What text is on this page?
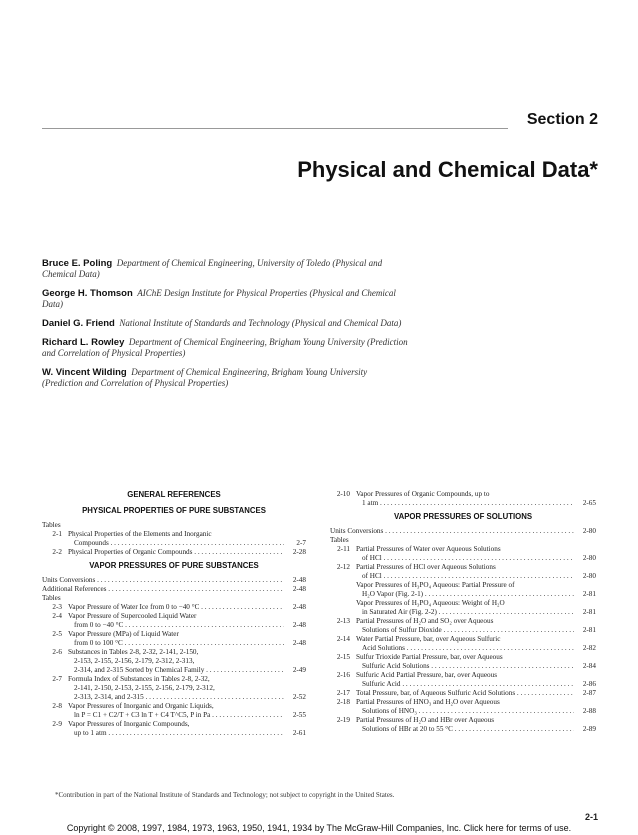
Section 2
Physical and Chemical Data*
Bruce E. Poling Department of Chemical Engineering, University of Toledo (Physical and Chemical Data)
George H. Thomson AIChE Design Institute for Physical Properties (Physical and Chemical Data)
Daniel G. Friend National Institute of Standards and Technology (Physical and Chemical Data)
Richard L. Rowley Department of Chemical Engineering, Brigham Young University (Prediction and Correlation of Physical Properties)
W. Vincent Wilding Department of Chemical Engineering, Brigham Young University (Prediction and Correlation of Physical Properties)
GENERAL REFERENCES
PHYSICAL PROPERTIES OF PURE SUBSTANCES
Tables
2-1 Physical Properties of the Elements and Inorganic
Compounds . . .	2-7
2-2 Physical Properties of Organic Compounds . . .	2-28
VAPOR PRESSURES OF PURE SUBSTANCES
Units Conversions . . .	2-48
Additional References . . .	2-48
Tables
2-3 Vapor Pressure of Water Ice from 0 to −40 °C . . .	2-48
2-4 Vapor Pressure of Supercooled Liquid Water
from 0 to −40 °C . . .	2-48
2-5 Vapor Pressure (MPa) of Liquid Water
from 0 to 100 °C . . .	2-48
2-6 Substances in Tables 2-8, 2-32, 2-141, 2-150,
2-153, 2-155, 2-156, 2-179, 2-312, 2-313,
2-314, and 2-315 Sorted by Chemical Family . . .	2-49
2-7 Formula Index of Substances in Tables 2-8, 2-32,
2-141, 2-150, 2-153, 2-155, 2-156, 2-179, 2-312,
2-313, 2-314, and 2-315 . . .	2-52
2-8 Vapor Pressures of Inorganic and Organic Liquids,
ln P = C1 + C2/T + C3 ln T + C4 T^C5, P in Pa . . .	2-55
2-9 Vapor Pressures of Inorganic Compounds,
up to 1 atm . . .	2-61
2-10 Vapor Pressures of Organic Compounds, up to
1 atm . . .	2-65
VAPOR PRESSURES OF SOLUTIONS
Units Conversions . . .	2-80
Tables
2-11 Partial Pressures of Water over Aqueous Solutions
of HCl . . .	2-80
2-12 Partial Pressures of HCl over Aqueous Solutions
of HCl . . .	2-80
Vapor Pressures of H₃PO₄ Aqueous: Partial Pressure of
H₂O Vapor (Fig. 2-1) . . .	2-81
Vapor Pressures of H₃PO₄ Aqueous: Weight of H₂O
in Saturated Air (Fig. 2-2) . . .	2-81
2-13 Partial Pressures of H₂O and SO₂ over Aqueous
Solutions of Sulfur Dioxide . . .	2-81
2-14 Water Partial Pressure, bar, over Aqueous Sulfuric
Acid Solutions . . .	2-82
2-15 Sulfur Trioxide Partial Pressure, bar, over Aqueous
Sulfuric Acid Solutions . . .	2-84
2-16 Sulfuric Acid Partial Pressure, bar, over Aqueous
Sulfuric Acid . . .	2-86
2-17 Total Pressure, bar, of Aqueous Sulfuric Acid Solutions . . .	2-87
2-18 Partial Pressures of HNO₃ and H₂O over Aqueous
Solutions of HNO₃ . . .	2-88
2-19 Partial Pressures of H₂O and HBr over Aqueous
Solutions of HBr at 20 to 55 °C . . .	2-89
*Contribution in part of the National Institute of Standards and Technology; not subject to copyright in the United States.
2-1
Copyright © 2008, 1997, 1984, 1973, 1963, 1950, 1941, 1934 by The McGraw-Hill Companies, Inc. Click here for terms of use.
